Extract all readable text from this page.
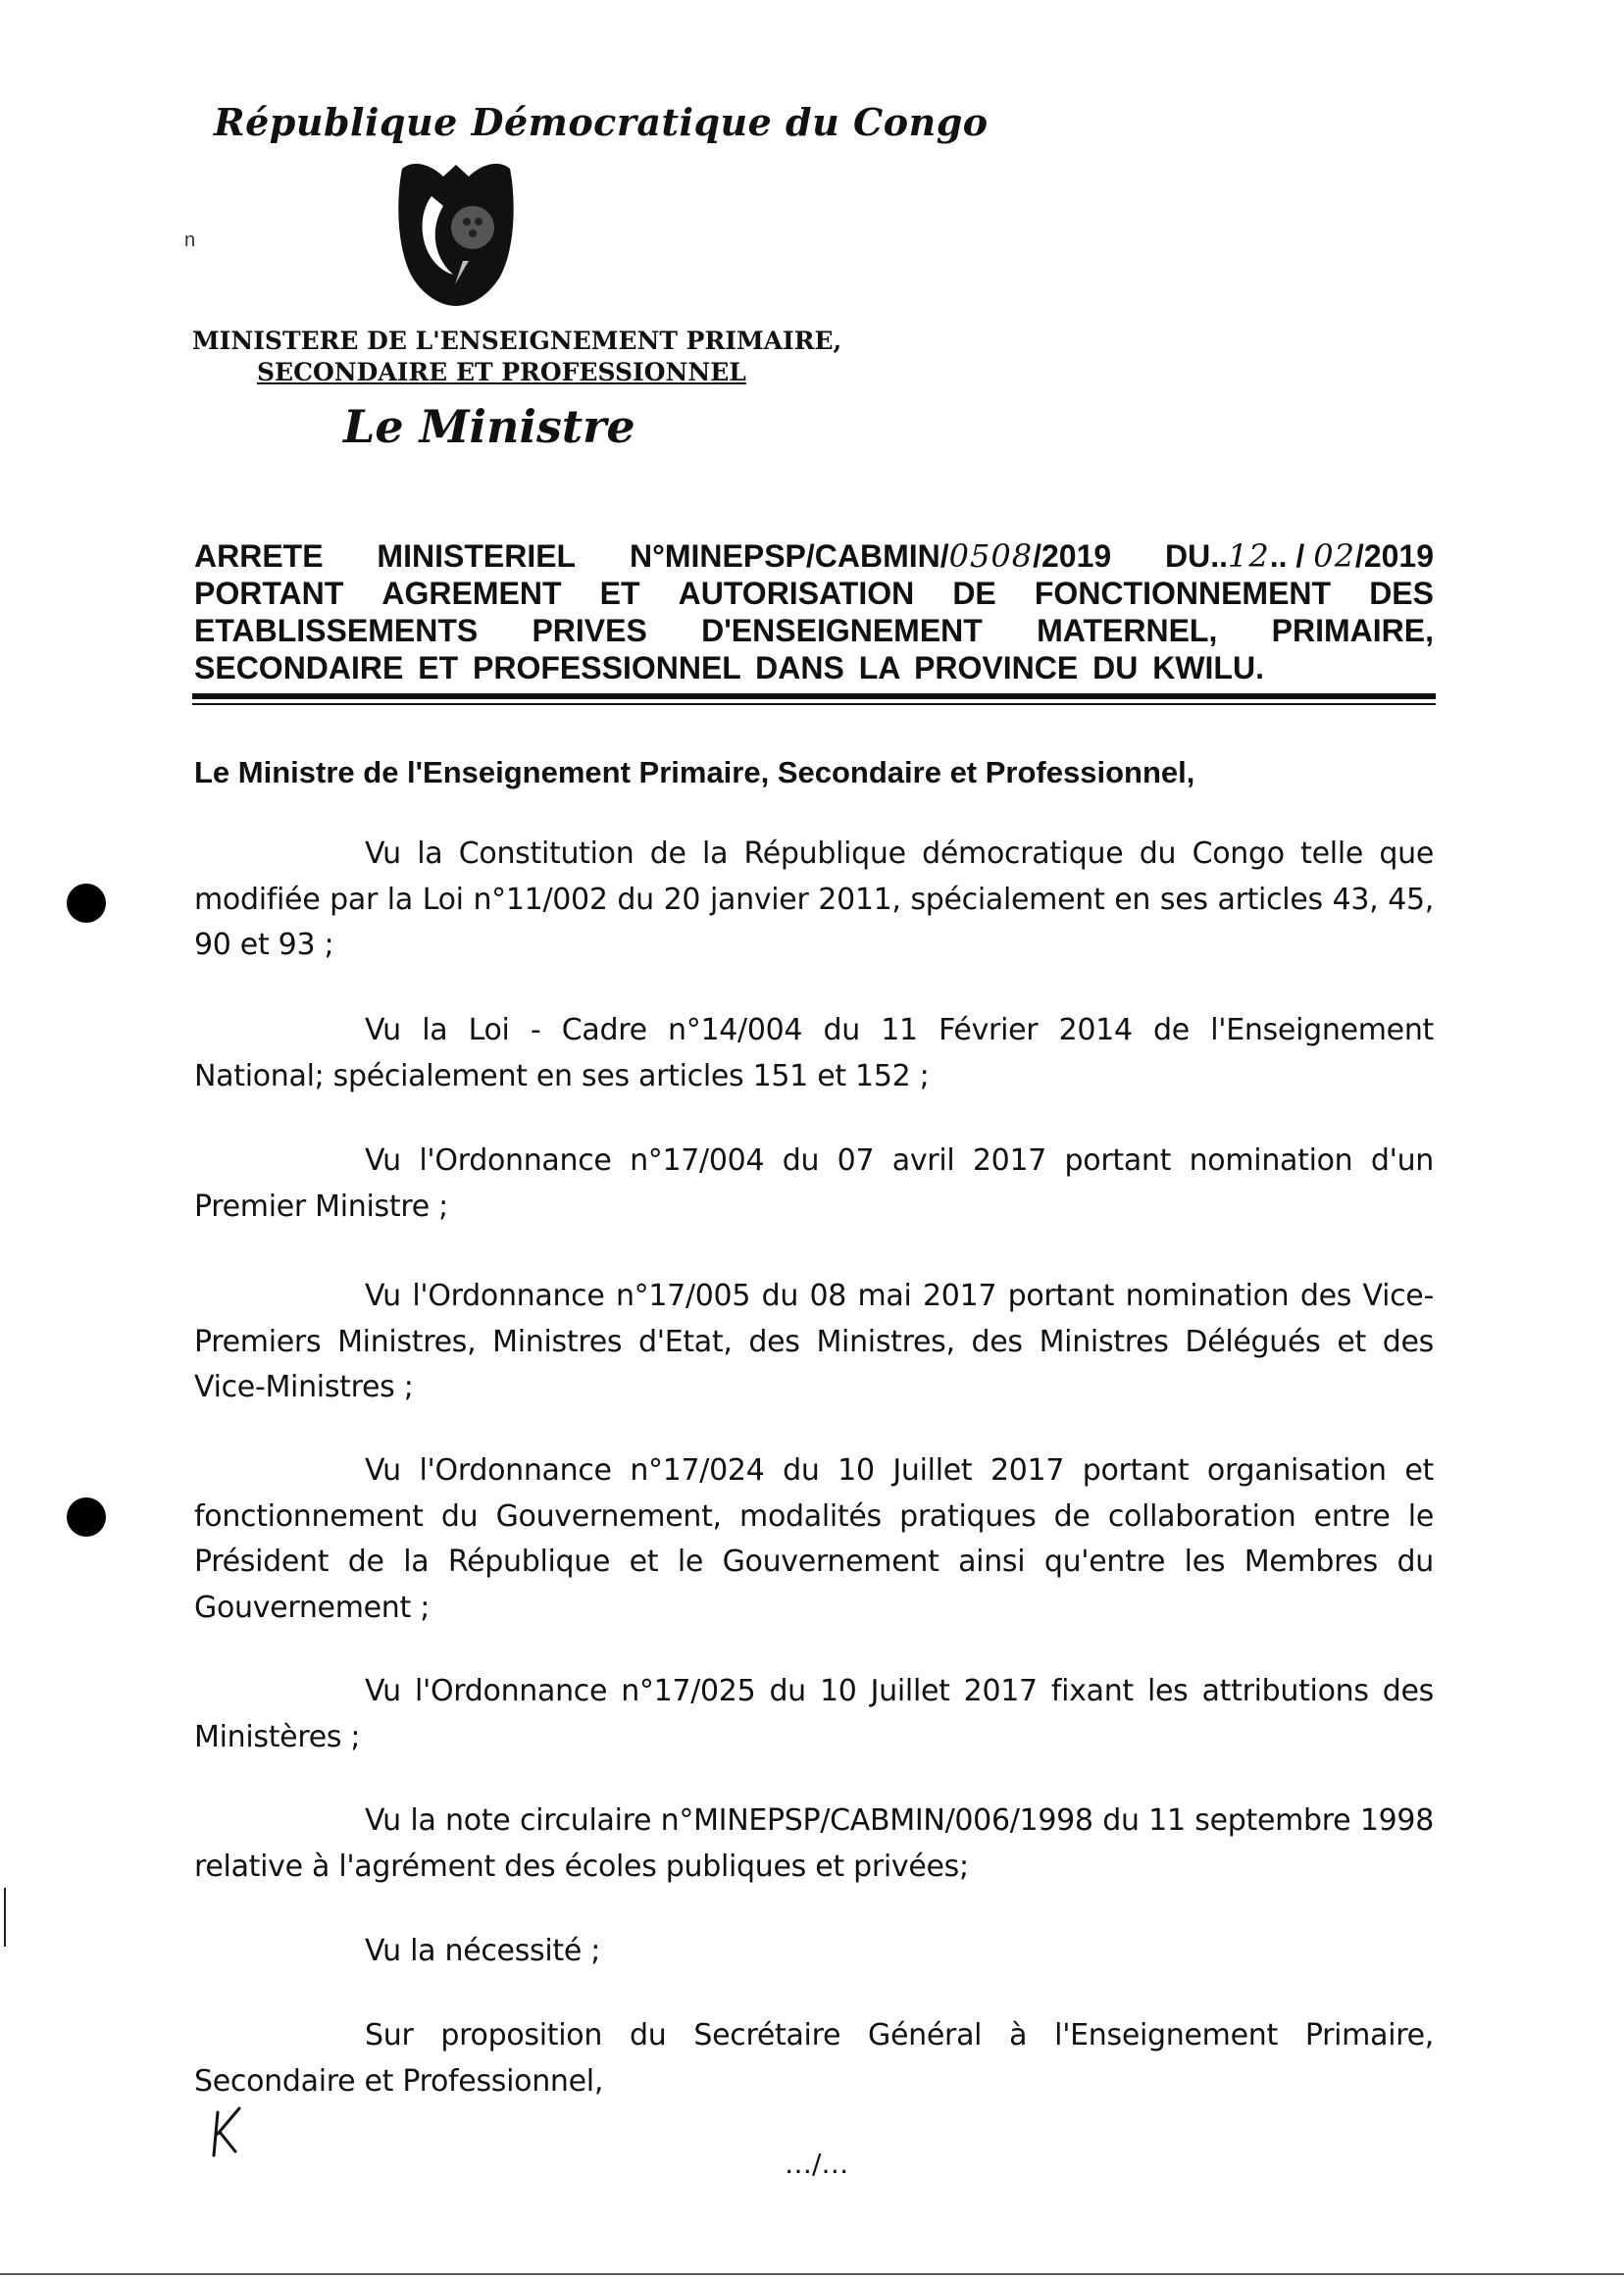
République Démocratique du Congo
n
MINISTERE DE L'ENSEIGNEMENT PRIMAIRE,
SECONDAIRE ET PROFESSIONNEL
Le Ministre
ARRETE MINISTERIEL N°MINEPSP/CABMIN/0508/2019 DU..12.. / 02/2019
PORTANT AGREMENT ET AUTORISATION DE FONCTIONNEMENT DES
ETABLISSEMENTS PRIVES D'ENSEIGNEMENT MATERNEL, PRIMAIRE,
SECONDAIRE ET PROFESSIONNEL DANS LA PROVINCE DU KWILU.
Le Ministre de l'Enseignement Primaire, Secondaire et Professionnel,
Vu la Constitution de la République démocratique du Congo telle que modifiée par la Loi n°11/002 du 20 janvier 2011, spécialement en ses articles 43, 45, 90 et 93 ;
Vu la Loi - Cadre n°14/004 du 11 Février 2014 de l'Enseignement National; spécialement en ses articles 151 et 152 ;
Vu l'Ordonnance n°17/004 du 07 avril 2017 portant nomination d'un Premier Ministre ;
Vu l'Ordonnance n°17/005 du 08 mai 2017 portant nomination des Vice-Premiers Ministres, Ministres d'Etat, des Ministres, des Ministres Délégués et des Vice-Ministres ;
Vu l'Ordonnance n°17/024 du 10 Juillet 2017 portant organisation et fonctionnement du Gouvernement, modalités pratiques de collaboration entre le Président de la République et le Gouvernement ainsi qu'entre les Membres du Gouvernement ;
Vu l'Ordonnance n°17/025 du 10 Juillet 2017 fixant les attributions des Ministères ;
Vu la note circulaire n°MINEPSP/CABMIN/006/1998 du 11 septembre 1998 relative à l'agrément des écoles publiques et privées;
Vu la nécessité ;
Sur proposition du Secrétaire Général à l'Enseignement Primaire, Secondaire et Professionnel,
…/…
